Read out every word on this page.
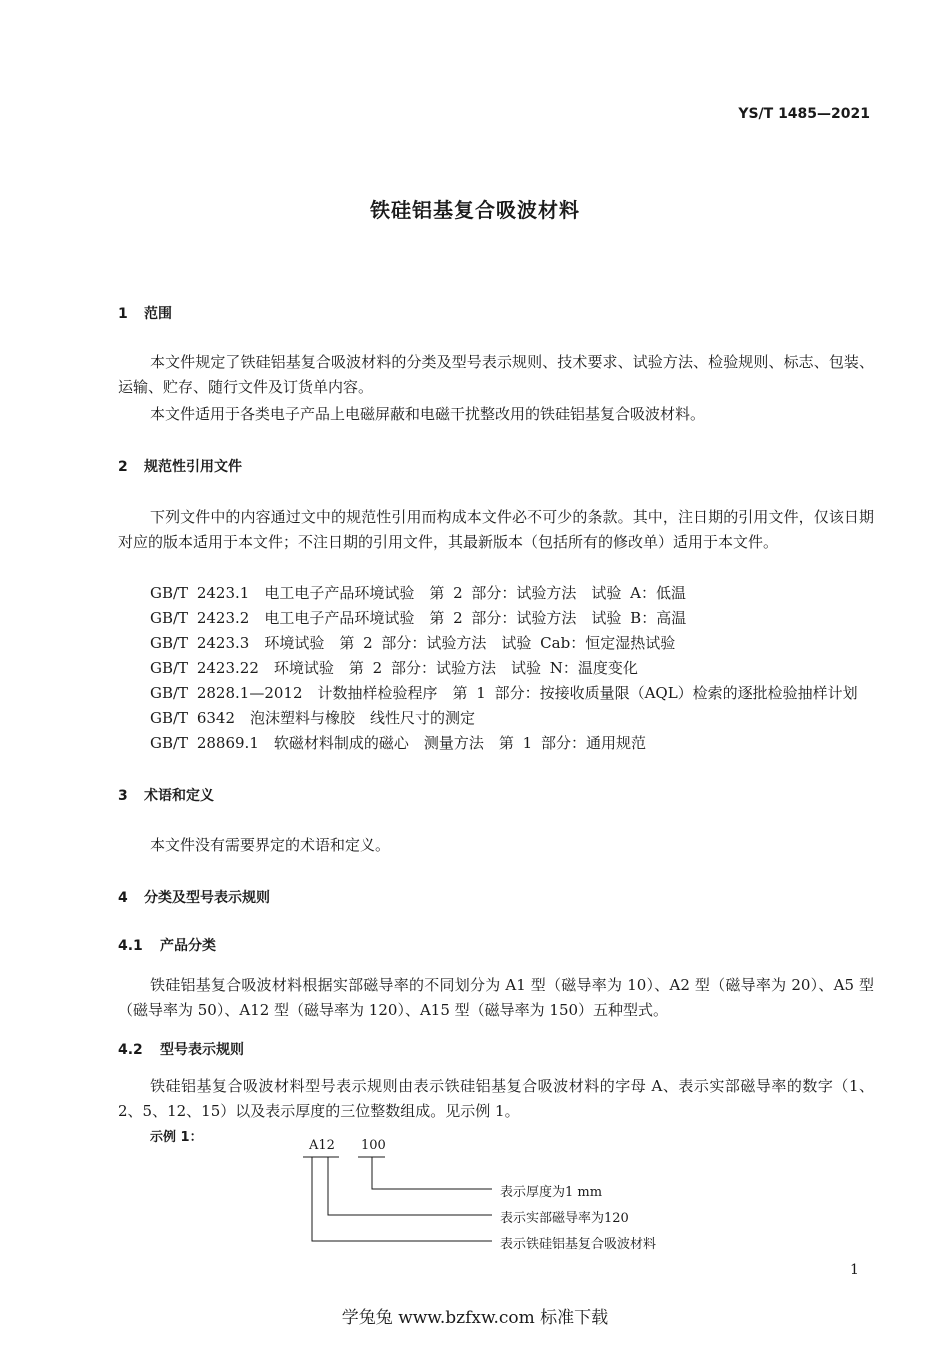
YS/T 1485—2021
铁硅铝基复合吸波材料
1 范围
本文件规定了铁硅铝基复合吸波材料的分类及型号表示规则、技术要求、试验方法、检验规则、标志、包装、运输、贮存、随行文件及订货单内容。
本文件适用于各类电子产品上电磁屏蔽和电磁干扰整改用的铁硅铝基复合吸波材料。
2 规范性引用文件
下列文件中的内容通过文中的规范性引用而构成本文件必不可少的条款。其中，注日期的引用文件，仅该日期对应的版本适用于本文件；不注日期的引用文件，其最新版本（包括所有的修改单）适用于本文件。
GB/T 2423.1　电工电子产品环境试验　第 2 部分：试验方法　试验 A：低温
GB/T 2423.2　电工电子产品环境试验　第 2 部分：试验方法　试验 B：高温
GB/T 2423.3　环境试验　第 2 部分：试验方法　试验 Cab：恒定湿热试验
GB/T 2423.22　环境试验　第 2 部分：试验方法　试验 N：温度变化
GB/T 2828.1—2012　计数抽样检验程序　第 1 部分：按接收质量限（AQL）检索的逐批检验抽样计划
GB/T 6342　泡沫塑料与橡胶　线性尺寸的测定
GB/T 28869.1　软磁材料制成的磁心　测量方法　第 1 部分：通用规范
3 术语和定义
本文件没有需要界定的术语和定义。
4 分类及型号表示规则
4.1 产品分类
铁硅铝基复合吸波材料根据实部磁导率的不同划分为 A1 型（磁导率为 10）、A2 型（磁导率为 20）、A5 型（磁导率为 50）、A12 型（磁导率为 120）、A15 型（磁导率为 150）五种型式。
4.2 型号表示规则
铁硅铝基复合吸波材料型号表示规则由表示铁硅铝基复合吸波材料的字母 A、表示实部磁导率的数字（1、2、5、12、15）以及表示厚度的三位整数组成。见示例 1。
示例 1：
A12 100
表示厚度为1 mm
表示实部磁导率为120
表示铁硅铝基复合吸波材料
1
学兔兔 www.bzfxw.com 标准下载
